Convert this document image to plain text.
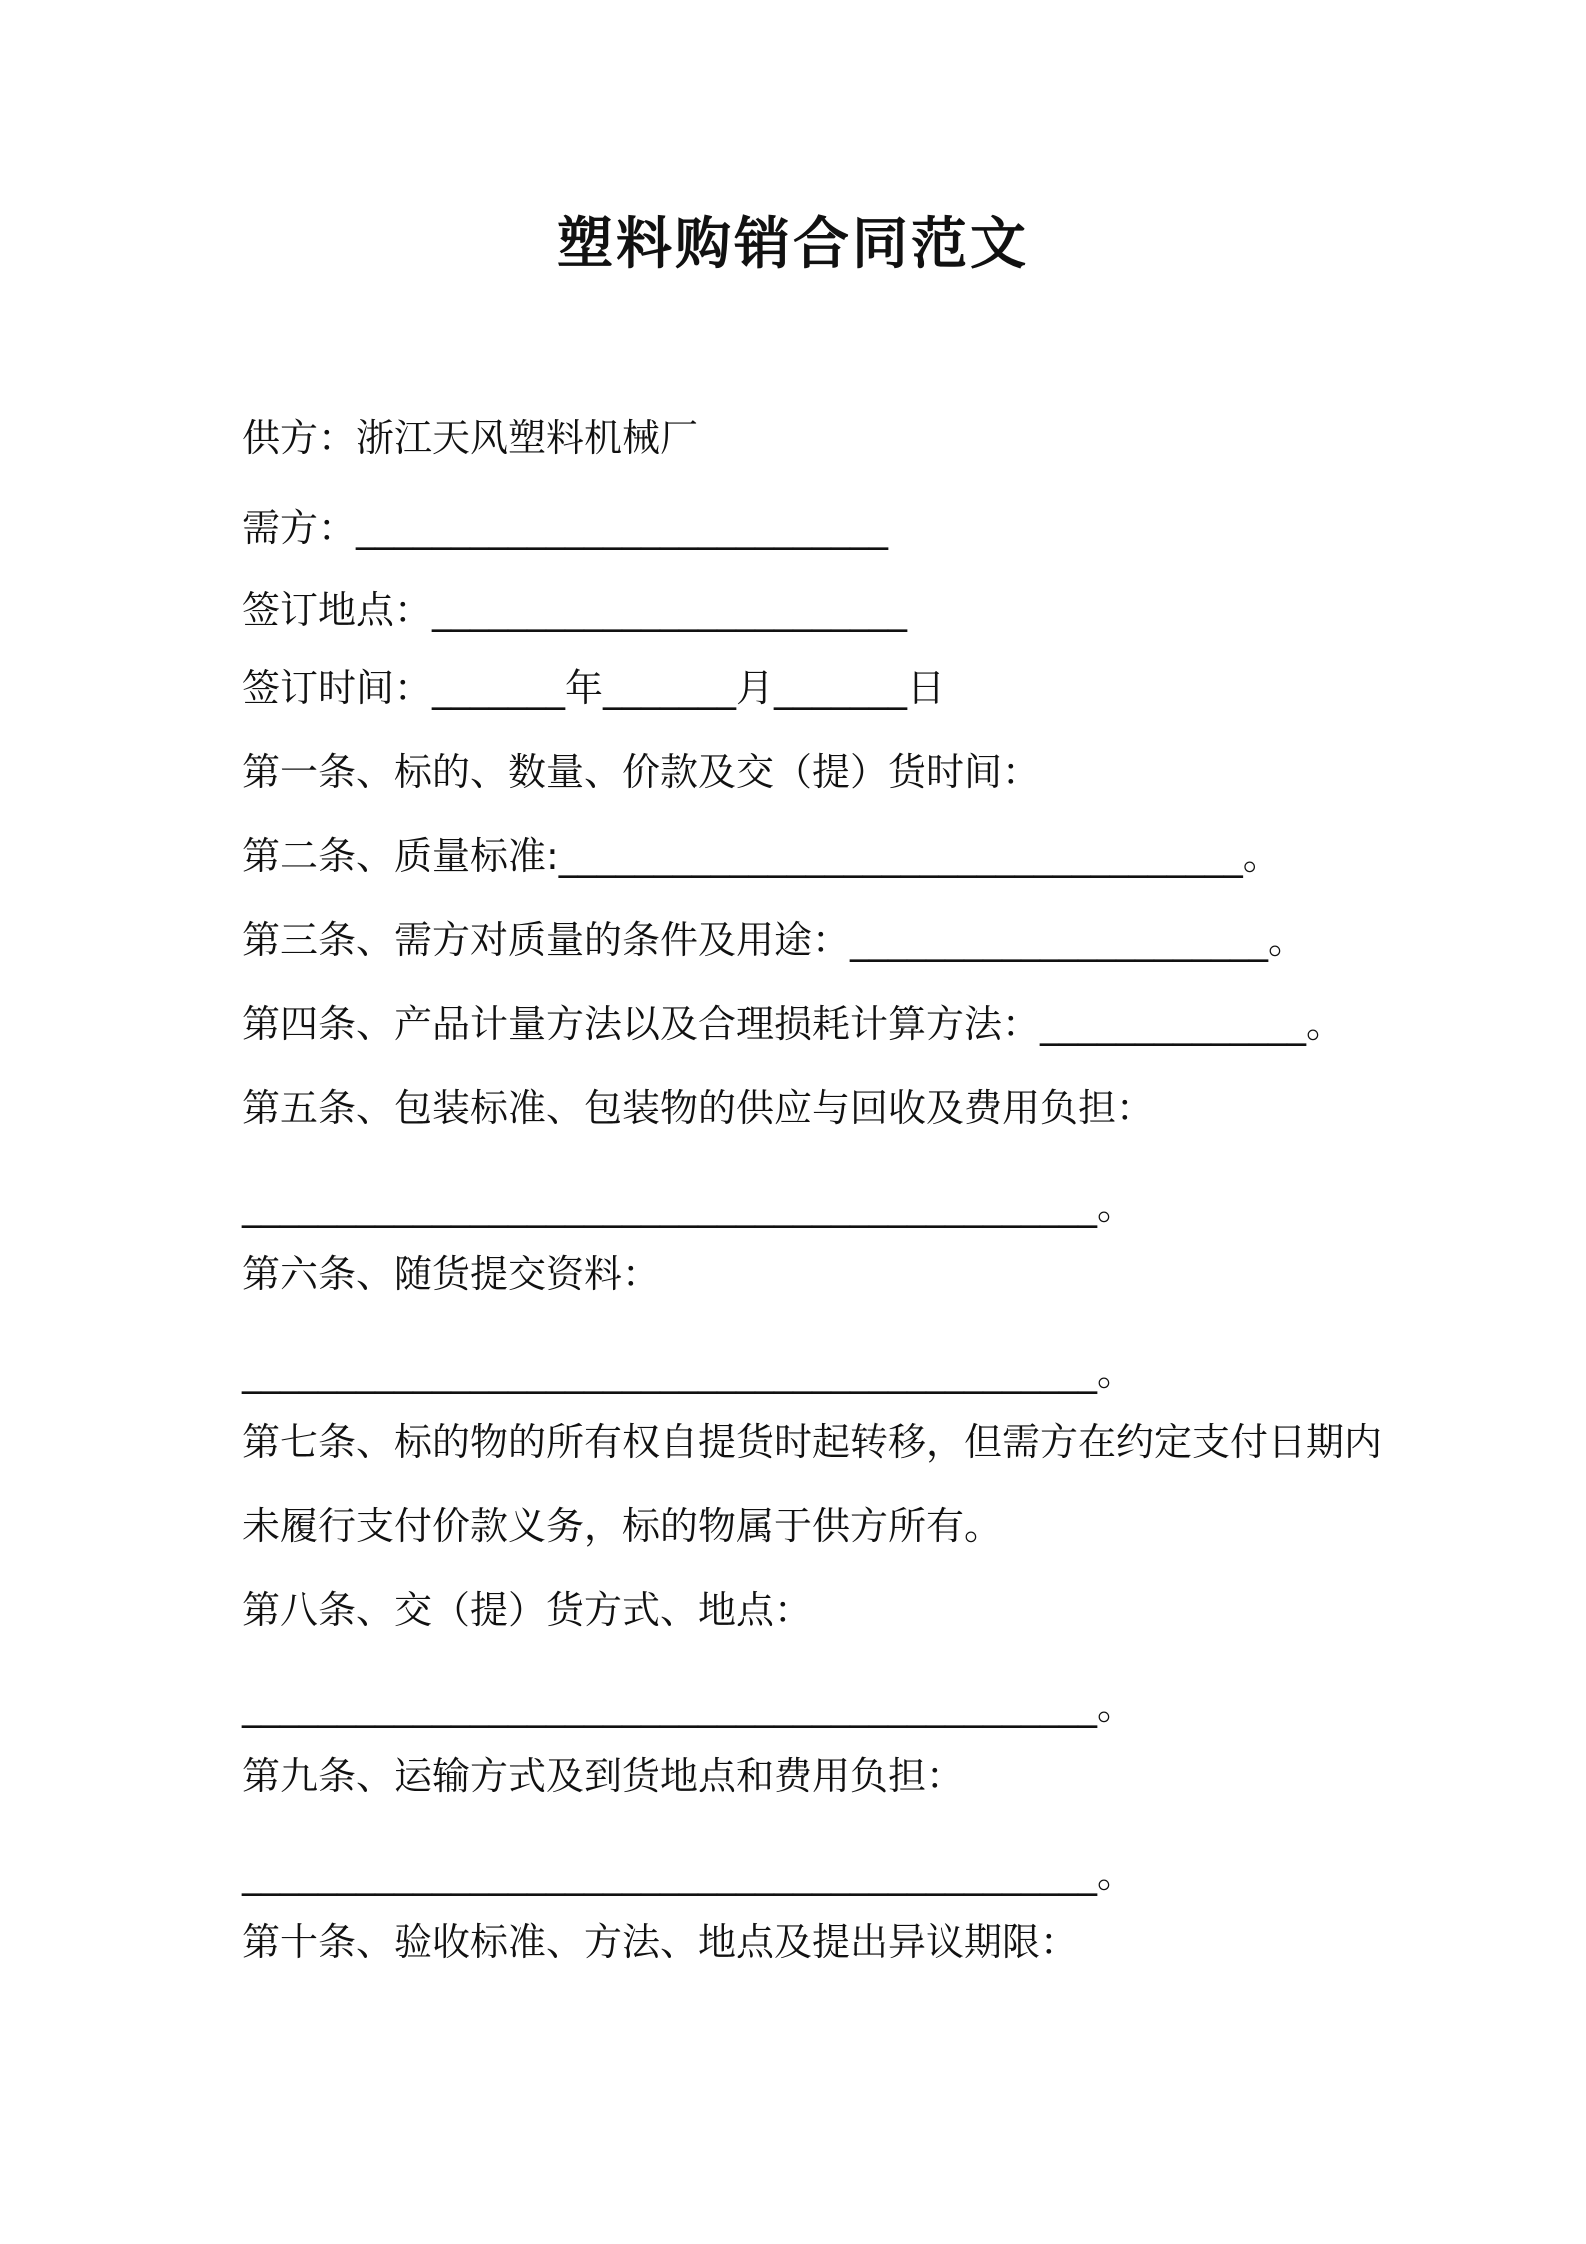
塑料购销合同范文
供方：浙江天风塑料机械厂
需方：____________________________
签订地点：_________________________
签订时间：_______年_______月_______日
第一条、标的、数量、价款及交（提）货时间：
第二条、质量标准:____________________________________。
第三条、需方对质量的条件及用途：______________________。
第四条、产品计量方法以及合理损耗计算方法：______________。
第五条、包装标准、包装物的供应与回收及费用负担：
_____________________________________________。
第六条、随货提交资料：
_____________________________________________。
第七条、标的物的所有权自提货时起转移，但需方在约定支付日期内
未履行支付价款义务，标的物属于供方所有。
第八条、交（提）货方式、地点：
_____________________________________________。
第九条、运输方式及到货地点和费用负担：
_____________________________________________。
第十条、验收标准、方法、地点及提出异议期限：
